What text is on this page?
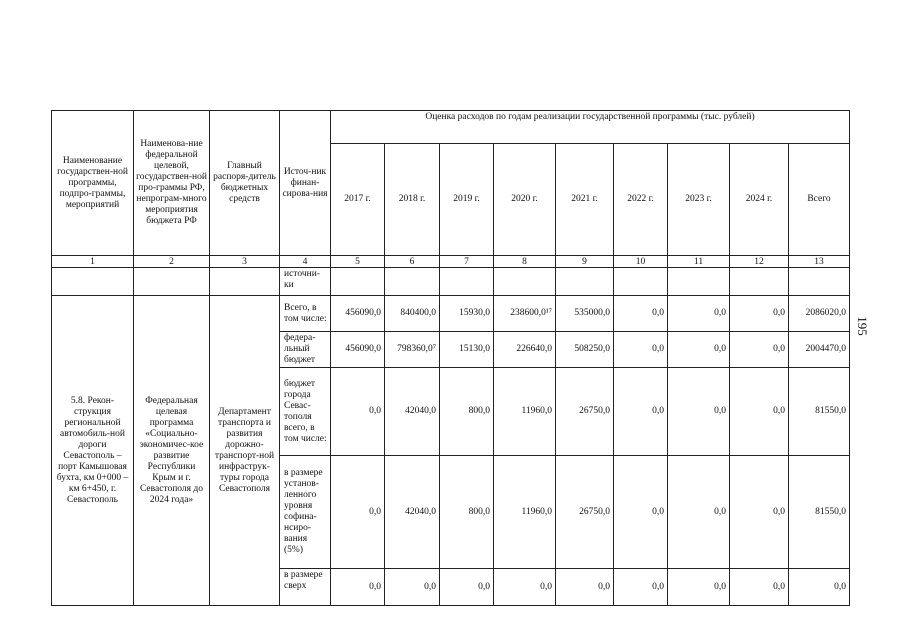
Наименование государствен-ной программы, подпро-граммы, мероприятий	Наименова-ние федеральной целевой, государствен-ной про-граммы РФ, непрограм-много мероприятия бюджета РФ	Главный распоря-дитель бюджетных средств	Источ-ник финан-сирова-ния	Оценка расходов по годам реализации государственной программы (тыс. рублей)								
				2017 г.	2018 г.	2019 г.	2020 г.	2021 г.	2022 г.	2023 г.	2024 г.	Всего
1	2	3	4	5	6	7	8	9	10	11	12	13
			источни-ки									
5.8. Рекон-струкция региональной автомобиль-ной дороги Севастополь – порт Камышовая бухта, км 0+000 – км 6+450, г. Севастополь	Федеральная целевая программа «Социально-экономичес-кое развитие Республики Крым и г. Севастополя до 2024 года»	Департамент транспорта и развития дорожно-транспорт-ной инфраструк-туры города Севастополя	Всего, в том числе:	456090,0	840400,0	15930,0	238600,0¹⁷	535000,0	0,0	0,0	0,0	2086020,0
			федера-льный бюджет	456090,0	798360,0⁷	15130,0	226640,0	508250,0	0,0	0,0	0,0	2004470,0
			бюджет города Севас-тополя всего, в том числе:	0,0	42040,0	800,0	11960,0	26750,0	0,0	0,0	0,0	81550,0
			в размере установ-ленного уровня софина-нсиро-вания (5%)	0,0	42040,0	800,0	11960,0	26750,0	0,0	0,0	0,0	81550,0
			в размере сверх	0,0	0,0	0,0	0,0	0,0	0,0	0,0	0,0	0,0
195
